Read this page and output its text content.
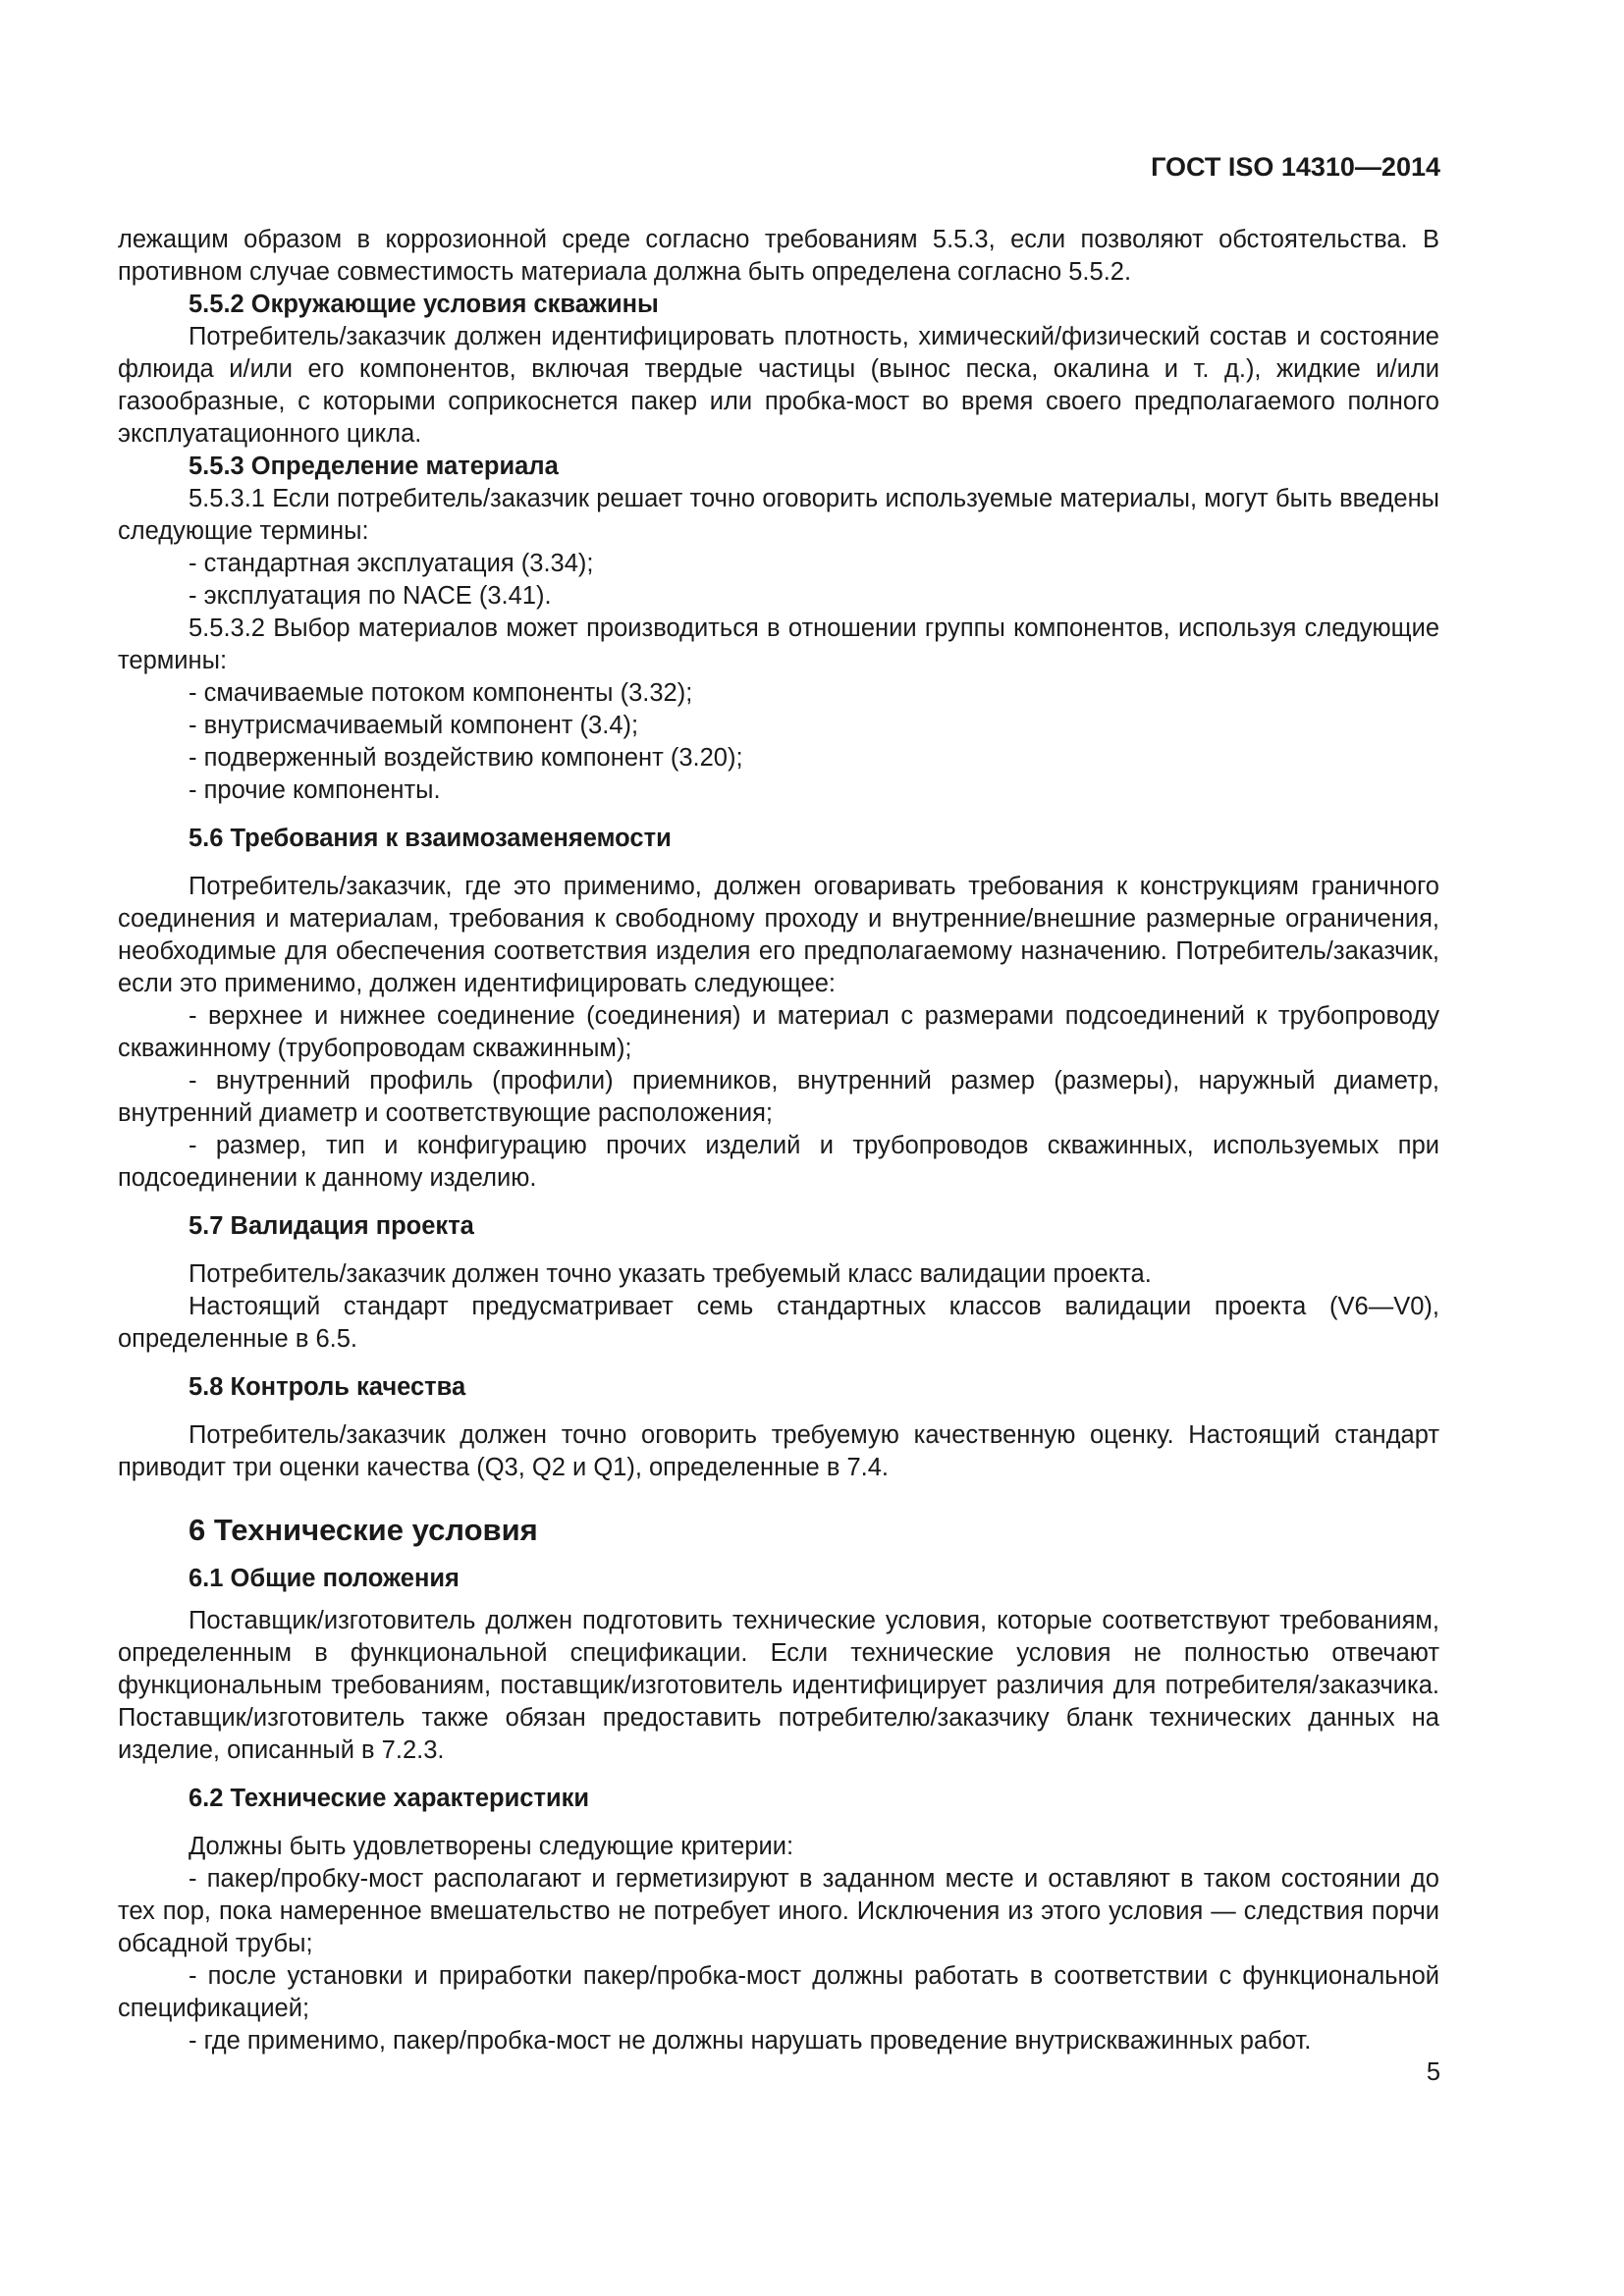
ГОСТ ISO 14310—2014

лежащим образом в коррозионной среде согласно требованиям 5.5.3, если позволяют обстоятельства. В противном случае совместимость материала должна быть определена согласно 5.5.2.

5.5.2 Окружающие условия скважины

Потребитель/заказчик должен идентифицировать плотность, химический/физический состав и состояние флюида и/или его компонентов, включая твердые частицы (вынос песка, окалина и т. д.), жидкие и/или газообразные, с которыми соприкоснется пакер или пробка-мост во время своего предполагаемого полного эксплуатационного цикла.

5.5.3 Определение материала

5.5.3.1 Если потребитель/заказчик решает точно оговорить используемые материалы, могут быть введены следующие термины:

- стандартная эксплуатация (3.34);

- эксплуатация по NACE (3.41).

5.5.3.2 Выбор материалов может производиться в отношении группы компонентов, используя следующие термины:

- смачиваемые потоком компоненты (3.32);

- внутрисмачиваемый компонент (3.4);

- подверженный воздействию компонент (3.20);

- прочие компоненты.

5.6 Требования к взаимозаменяемости

Потребитель/заказчик, где это применимо, должен оговаривать требования к конструкциям граничного соединения и материалам, требования к свободному проходу и внутренние/внешние размерные ограничения, необходимые для обеспечения соответствия изделия его предполагаемому назначению. Потребитель/заказчик, если это применимо, должен идентифицировать следующее:

- верхнее и нижнее соединение (соединения) и материал с размерами подсоединений к трубопроводу скважинному (трубопроводам скважинным);

- внутренний профиль (профили) приемников, внутренний размер (размеры), наружный диаметр, внутренний диаметр и соответствующие расположения;

- размер, тип и конфигурацию прочих изделий и трубопроводов скважинных, используемых при подсоединении к данному изделию.

5.7 Валидация проекта

Потребитель/заказчик должен точно указать требуемый класс валидации проекта.

Настоящий стандарт предусматривает семь стандартных классов валидации проекта (V6—V0), определенные в 6.5.

5.8 Контроль качества

Потребитель/заказчик должен точно оговорить требуемую качественную оценку. Настоящий стандарт приводит три оценки качества (Q3, Q2 и Q1), определенные в 7.4.

6 Технические условия
6.1 Общие положения

Поставщик/изготовитель должен подготовить технические условия, которые соответствуют требованиям, определенным в функциональной спецификации. Если технические условия не полностью отвечают функциональным требованиям, поставщик/изготовитель идентифицирует различия для потребителя/заказчика. Поставщик/изготовитель также обязан предоставить потребителю/заказчику бланк технических данных на изделие, описанный в 7.2.3.

6.2 Технические характеристики

Должны быть удовлетворены следующие критерии:

- пакер/пробку-мост располагают и герметизируют в заданном месте и оставляют в таком состоянии до тех пор, пока намеренное вмешательство не потребует иного. Исключения из этого условия — следствия порчи обсадной трубы;

- после установки и приработки пакер/пробка-мост должны работать в соответствии с функциональной спецификацией;

- где применимо, пакер/пробка-мост не должны нарушать проведение внутрискважинных работ.

5
